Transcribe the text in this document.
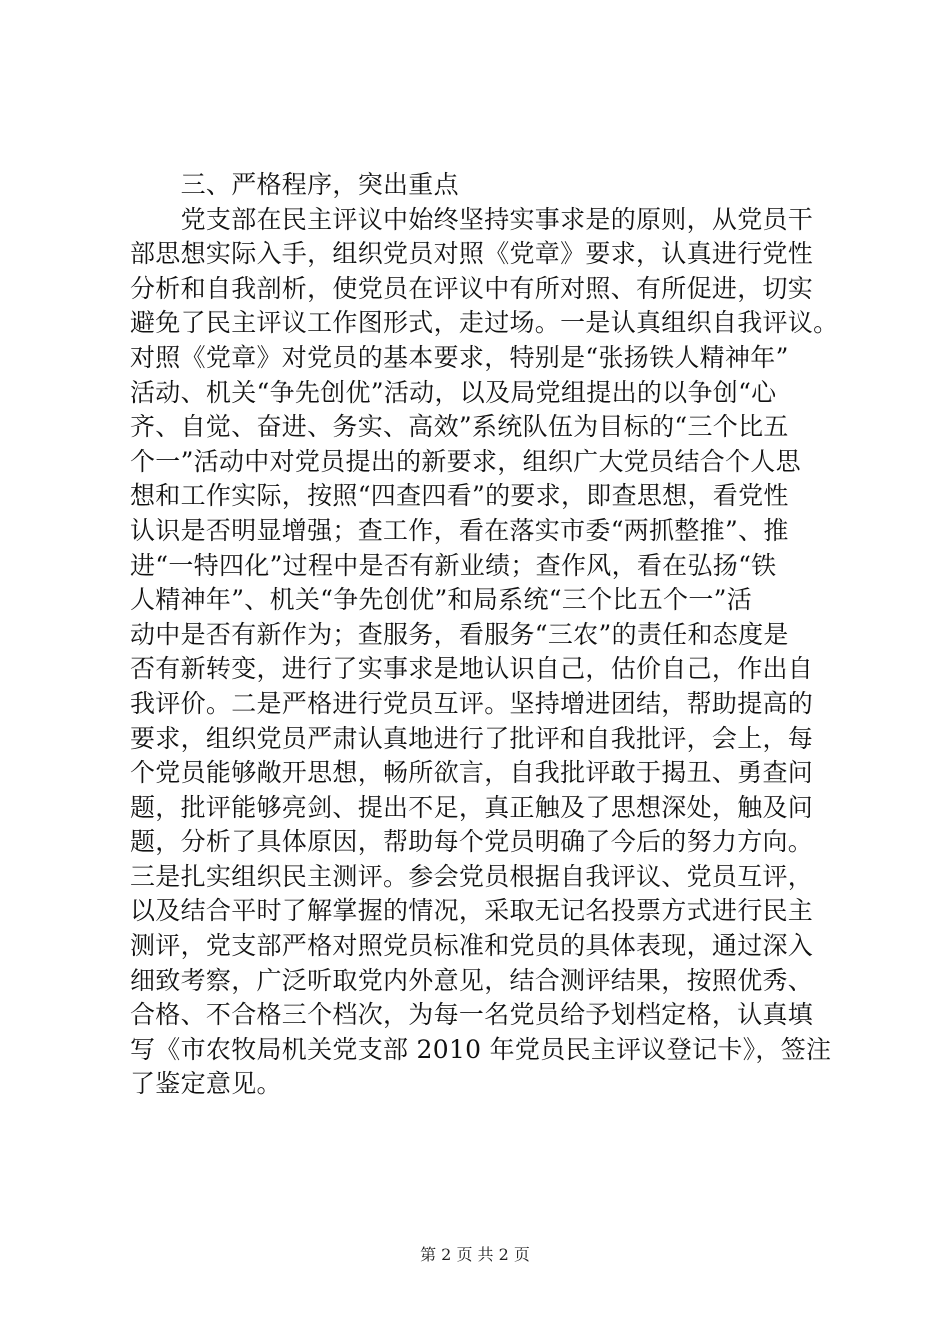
　　三、严格程序，突出重点
　　党支部在民主评议中始终坚持实事求是的原则，从党员干
部思想实际入手，组织党员对照《党章》要求，认真进行党性
分析和自我剖析，使党员在评议中有所对照、有所促进，切实
避免了民主评议工作图形式，走过场。一是认真组织自我评议。
对照《党章》对党员的基本要求，特别是“张扬铁人精神年”
活动、机关“争先创优”活动，以及局党组提出的以争创“心
齐、自觉、奋进、务实、高效”系统队伍为目标的“三个比五
个一”活动中对党员提出的新要求，组织广大党员结合个人思
想和工作实际，按照“四查四看”的要求，即查思想，看党性
认识是否明显增强；查工作，看在落实市委“两抓整推”、推
进“一特四化”过程中是否有新业绩；查作风，看在弘扬“铁
人精神年”、机关“争先创优”和局系统“三个比五个一”活
动中是否有新作为；查服务，看服务“三农”的责任和态度是
否有新转变，进行了实事求是地认识自己，估价自己，作出自
我评价。二是严格进行党员互评。坚持增进团结，帮助提高的
要求，组织党员严肃认真地进行了批评和自我批评，会上，每
个党员能够敞开思想，畅所欲言，自我批评敢于揭丑、勇查问
题，批评能够亮剑、提出不足，真正触及了思想深处，触及问
题，分析了具体原因，帮助每个党员明确了今后的努力方向。
三是扎实组织民主测评。参会党员根据自我评议、党员互评，
以及结合平时了解掌握的情况，采取无记名投票方式进行民主
测评，党支部严格对照党员标准和党员的具体表现，通过深入
细致考察，广泛听取党内外意见，结合测评结果，按照优秀、
合格、不合格三个档次，为每一名党员给予划档定格，认真填
写《市农牧局机关党支部 2010 年党员民主评议登记卡》，签注
了鉴定意见。
第 2 页 共 2 页
